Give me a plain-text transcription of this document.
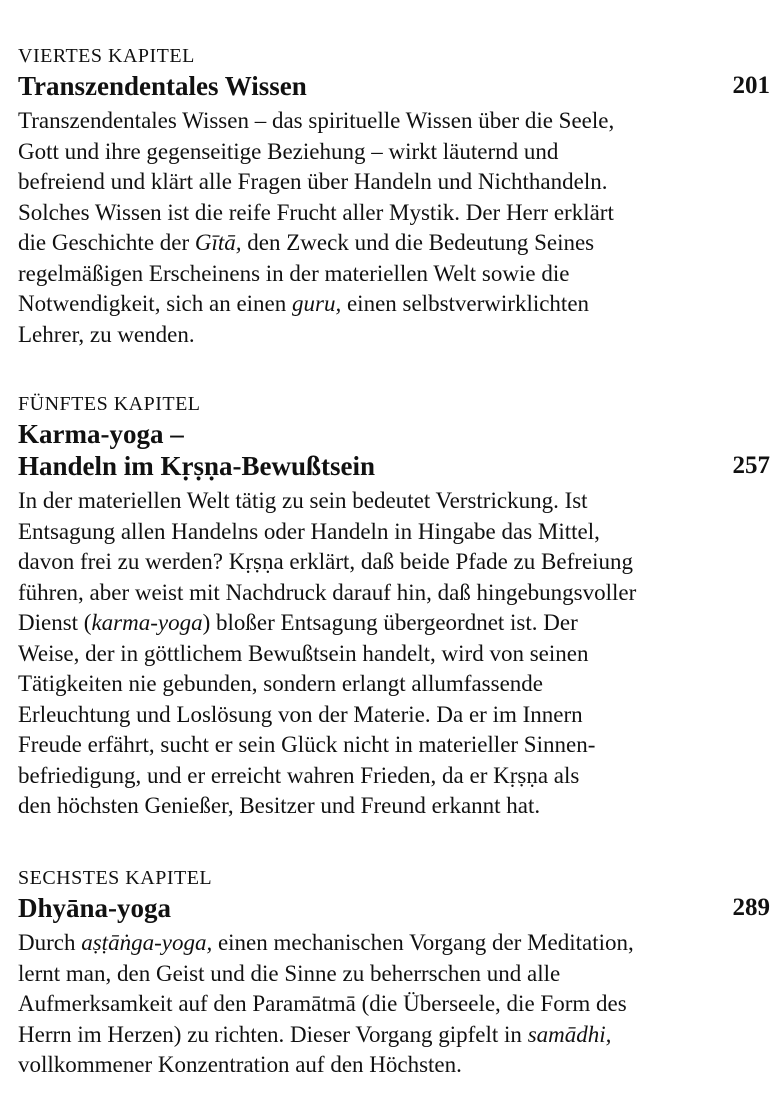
VIERTES KAPITEL
Transzendentales Wissen	201
Transzendentales Wissen – das spirituelle Wissen über die Seele,
Gott und ihre gegenseitige Beziehung – wirkt läuternd und
befreiend und klärt alle Fragen über Handeln und Nichthandeln.
Solches Wissen ist die reife Frucht aller Mystik. Der Herr erklärt
die Geschichte der Gītā, den Zweck und die Bedeutung Seines
regelmäßigen Erscheinens in der materiellen Welt sowie die
Notwendigkeit, sich an einen guru, einen selbstverwirklichten
Lehrer, zu wenden.
FÜNFTES KAPITEL
Karma-yoga –
Handeln im Kṛṣṇa-Bewußtsein	257
In der materiellen Welt tätig zu sein bedeutet Verstrickung. Ist
Entsagung allen Handelns oder Handeln in Hingabe das Mittel,
davon frei zu werden? Kṛṣṇa erklärt, daß beide Pfade zu Befreiung
führen, aber weist mit Nachdruck darauf hin, daß hingebungsvoller
Dienst (karma-yoga) bloßer Entsagung übergeordnet ist. Der
Weise, der in göttlichem Bewußtsein handelt, wird von seinen
Tätigkeiten nie gebunden, sondern erlangt allumfassende
Erleuchtung und Loslösung von der Materie. Da er im Innern
Freude erfährt, sucht er sein Glück nicht in materieller Sinnen-
befriedigung, und er erreicht wahren Frieden, da er Kṛṣṇa als
den höchsten Genießer, Besitzer und Freund erkannt hat.
SECHSTES KAPITEL
Dhyāna-yoga	289
Durch aṣṭāṅga-yoga, einen mechanischen Vorgang der Meditation,
lernt man, den Geist und die Sinne zu beherrschen und alle
Aufmerksamkeit auf den Paramātmā (die Überseele, die Form des
Herrn im Herzen) zu richten. Dieser Vorgang gipfelt in samādhi,
vollkommener Konzentration auf den Höchsten.
